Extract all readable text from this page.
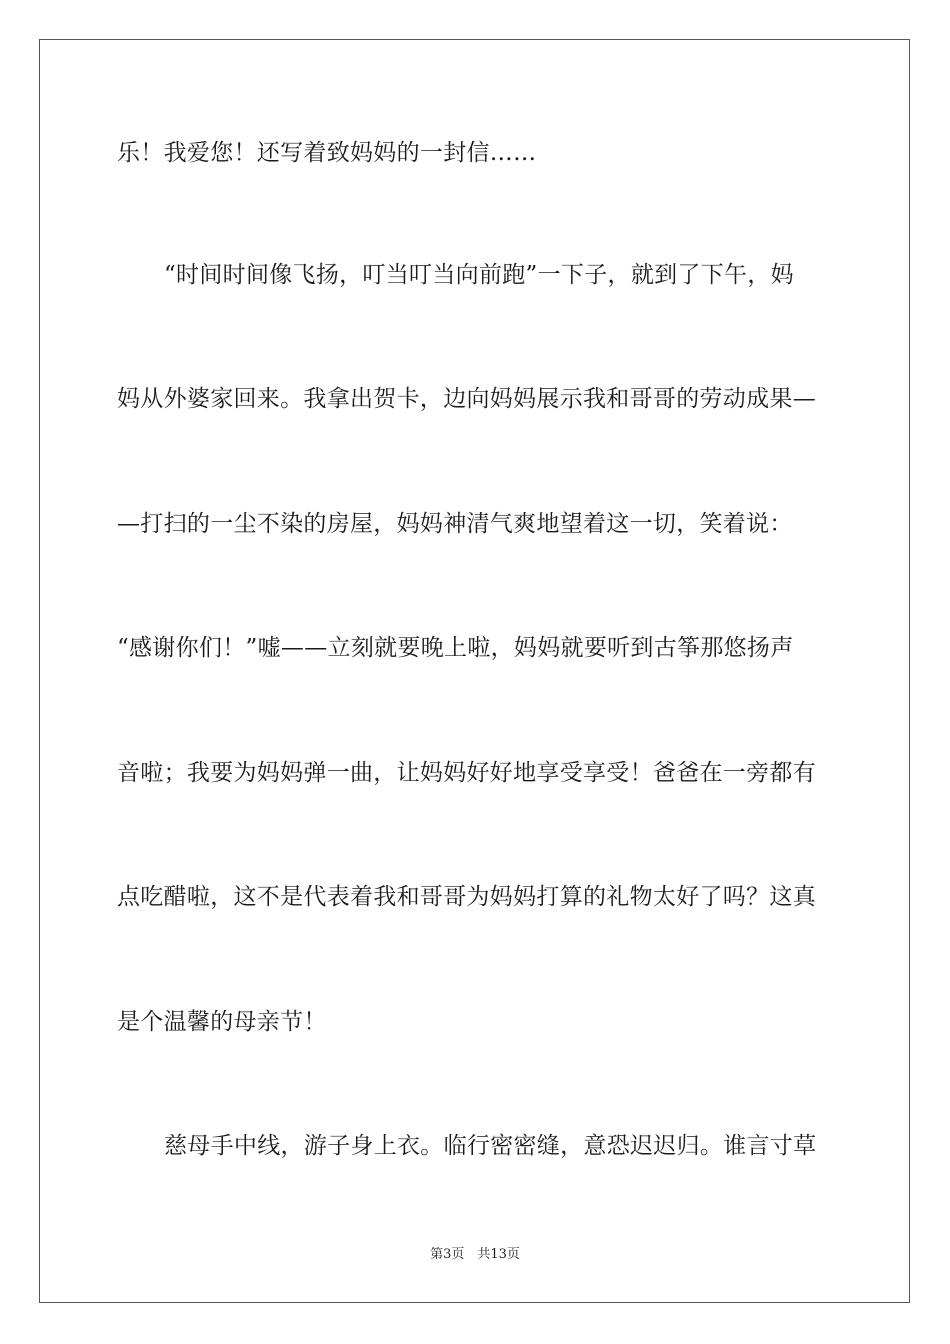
乐！我爱您！还写着致妈妈的一封信……
“时间时间像飞扬，叮当叮当向前跑”一下子，就到了下午，妈
妈从外婆家回来。我拿出贺卡，边向妈妈展示我和哥哥的劳动成果—
—打扫的一尘不染的房屋，妈妈神清气爽地望着这一切，笑着说：
“感谢你们！”嘘——立刻就要晚上啦，妈妈就要听到古筝那悠扬声
音啦；我要为妈妈弹一曲，让妈妈好好地享受享受！爸爸在一旁都有
点吃醋啦，这不是代表着我和哥哥为妈妈打算的礼物太好了吗？这真
是个温馨的母亲节！
慈母手中线，游子身上衣。临行密密缝，意恐迟迟归。谁言寸草
第3页　共13页
